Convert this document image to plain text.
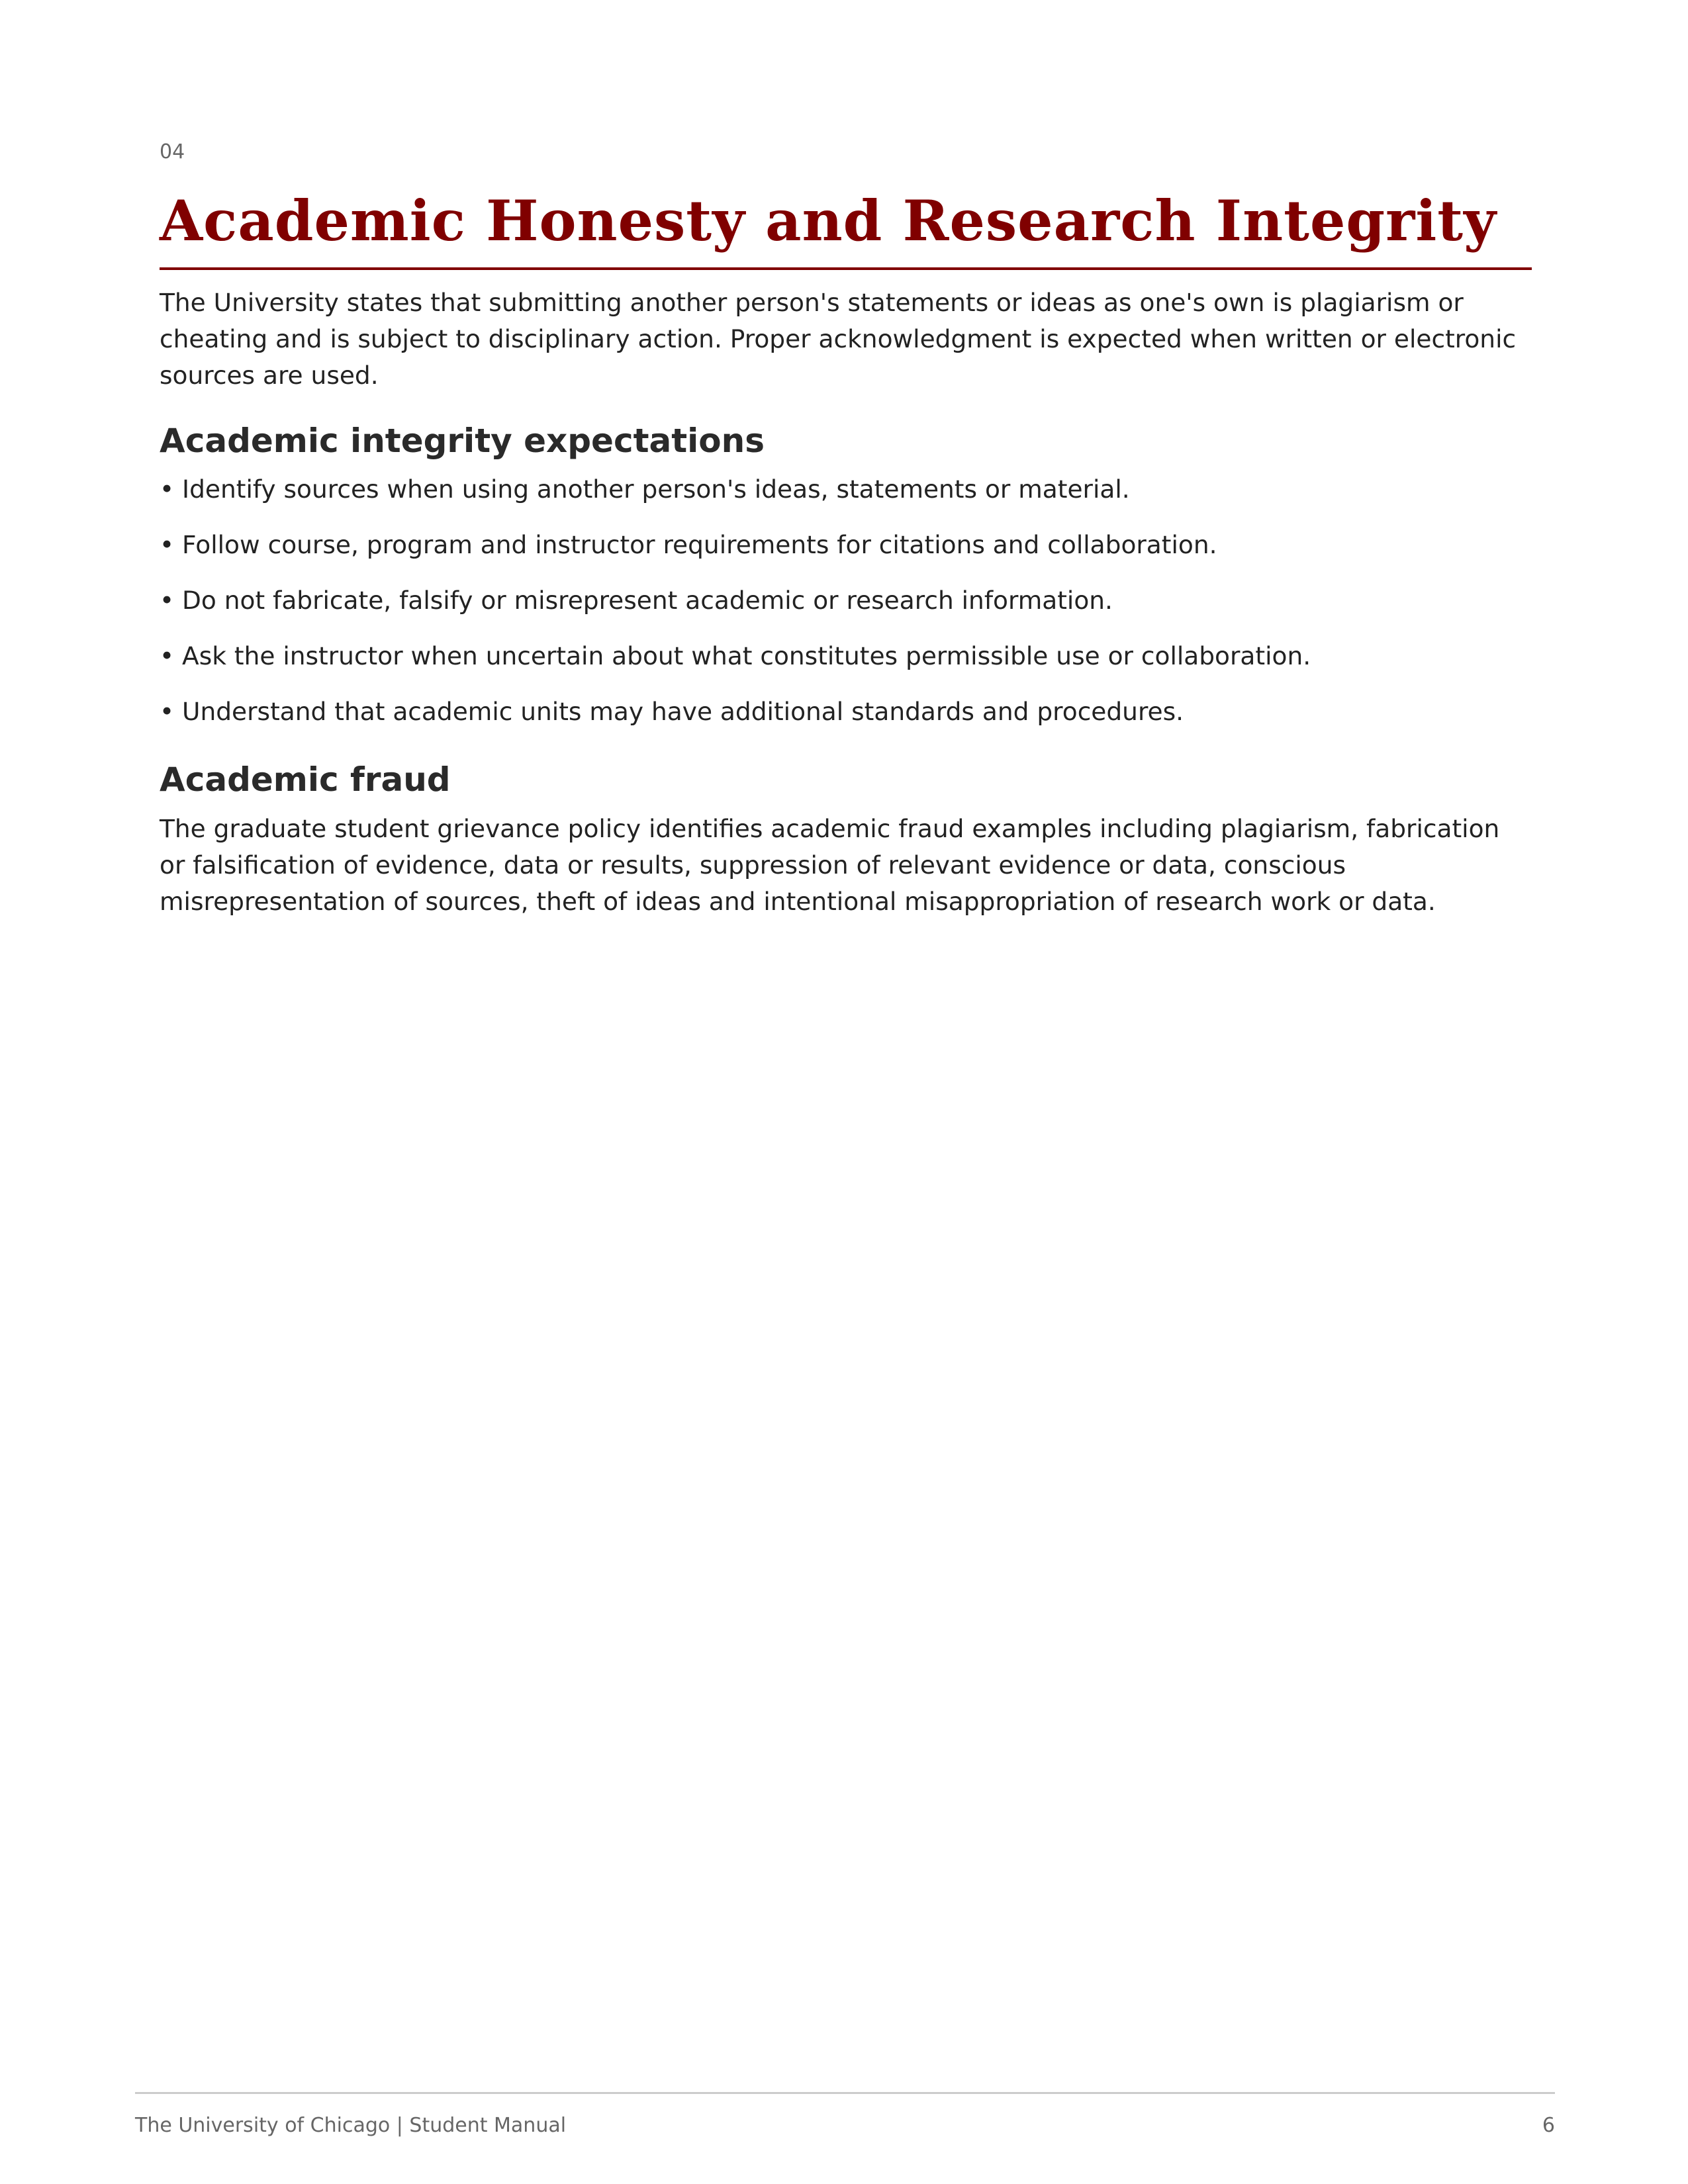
04
Academic Honesty and Research Integrity

The University states that submitting another person's statements or ideas as one's own is plagiarism or cheating and is subject to disciplinary action. Proper acknowledgment is expected when written or electronic sources are used.

Academic integrity expectations
• Identify sources when using another person's ideas, statements or material.
• Follow course, program and instructor requirements for citations and collaboration.
• Do not fabricate, falsify or misrepresent academic or research information.
• Ask the instructor when uncertain about what constitutes permissible use or collaboration.
• Understand that academic units may have additional standards and procedures.
Academic fraud

The graduate student grievance policy identifies academic fraud examples including plagiarism, fabrication or falsification of evidence, data or results, suppression of relevant evidence or data, conscious misrepresentation of sources, theft of ideas and intentional misappropriation of research work or data.

The University of Chicago | Student Manual	6
